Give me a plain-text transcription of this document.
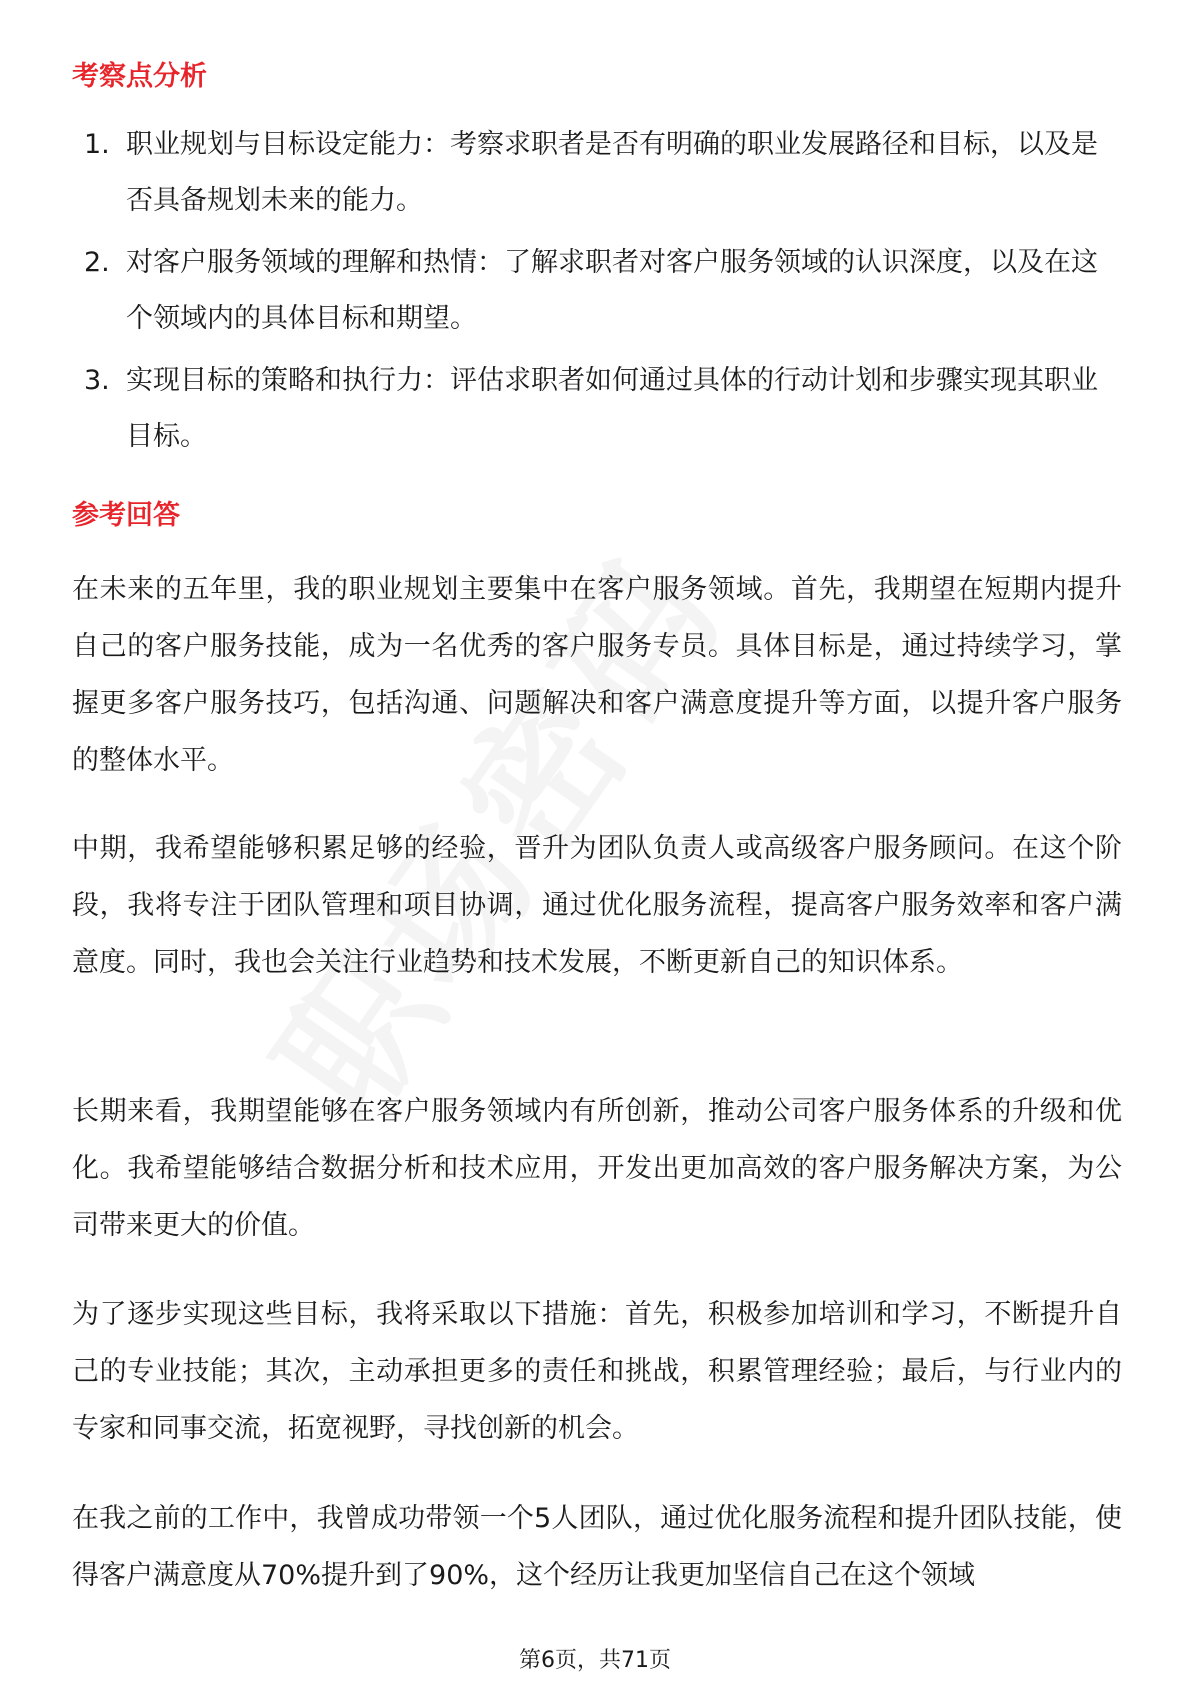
考察点分析
1. 职业规划与目标设定能力：考察求职者是否有明确的职业发展路径和目标，以及是否具备规划未来的能力。
2. 对客户服务领域的理解和热情：了解求职者对客户服务领域的认识深度，以及在这个领域内的具体目标和期望。
3. 实现目标的策略和执行力：评估求职者如何通过具体的行动计划和步骤实现其职业目标。
参考回答

在未来的五年里，我的职业规划主要集中在客户服务领域。首先，我期望在短期内提升自己的客户服务技能，成为一名优秀的客户服务专员。具体目标是，通过持续学习，掌握更多客户服务技巧，包括沟通、问题解决和客户满意度提升等方面，以提升客户服务的整体水平。

中期，我希望能够积累足够的经验，晋升为团队负责人或高级客户服务顾问。在这个阶段，我将专注于团队管理和项目协调，通过优化服务流程，提高客户服务效率和客户满意度。同时，我也会关注行业趋势和技术发展，不断更新自己的知识体系。

长期来看，我期望能够在客户服务领域内有所创新，推动公司客户服务体系的升级和优化。我希望能够结合数据分析和技术应用，开发出更加高效的客户服务解决方案，为公司带来更大的价值。

为了逐步实现这些目标，我将采取以下措施：首先，积极参加培训和学习，不断提升自己的专业技能；其次，主动承担更多的责任和挑战，积累管理经验；最后，与行业内的专家和同事交流，拓宽视野，寻找创新的机会。

在我之前的工作中，我曾成功带领一个5人团队，通过优化服务流程和提升团队技能，使得客户满意度从70%提升到了90%，这个经历让我更加坚信自己在这个领域

第6页，共71页
